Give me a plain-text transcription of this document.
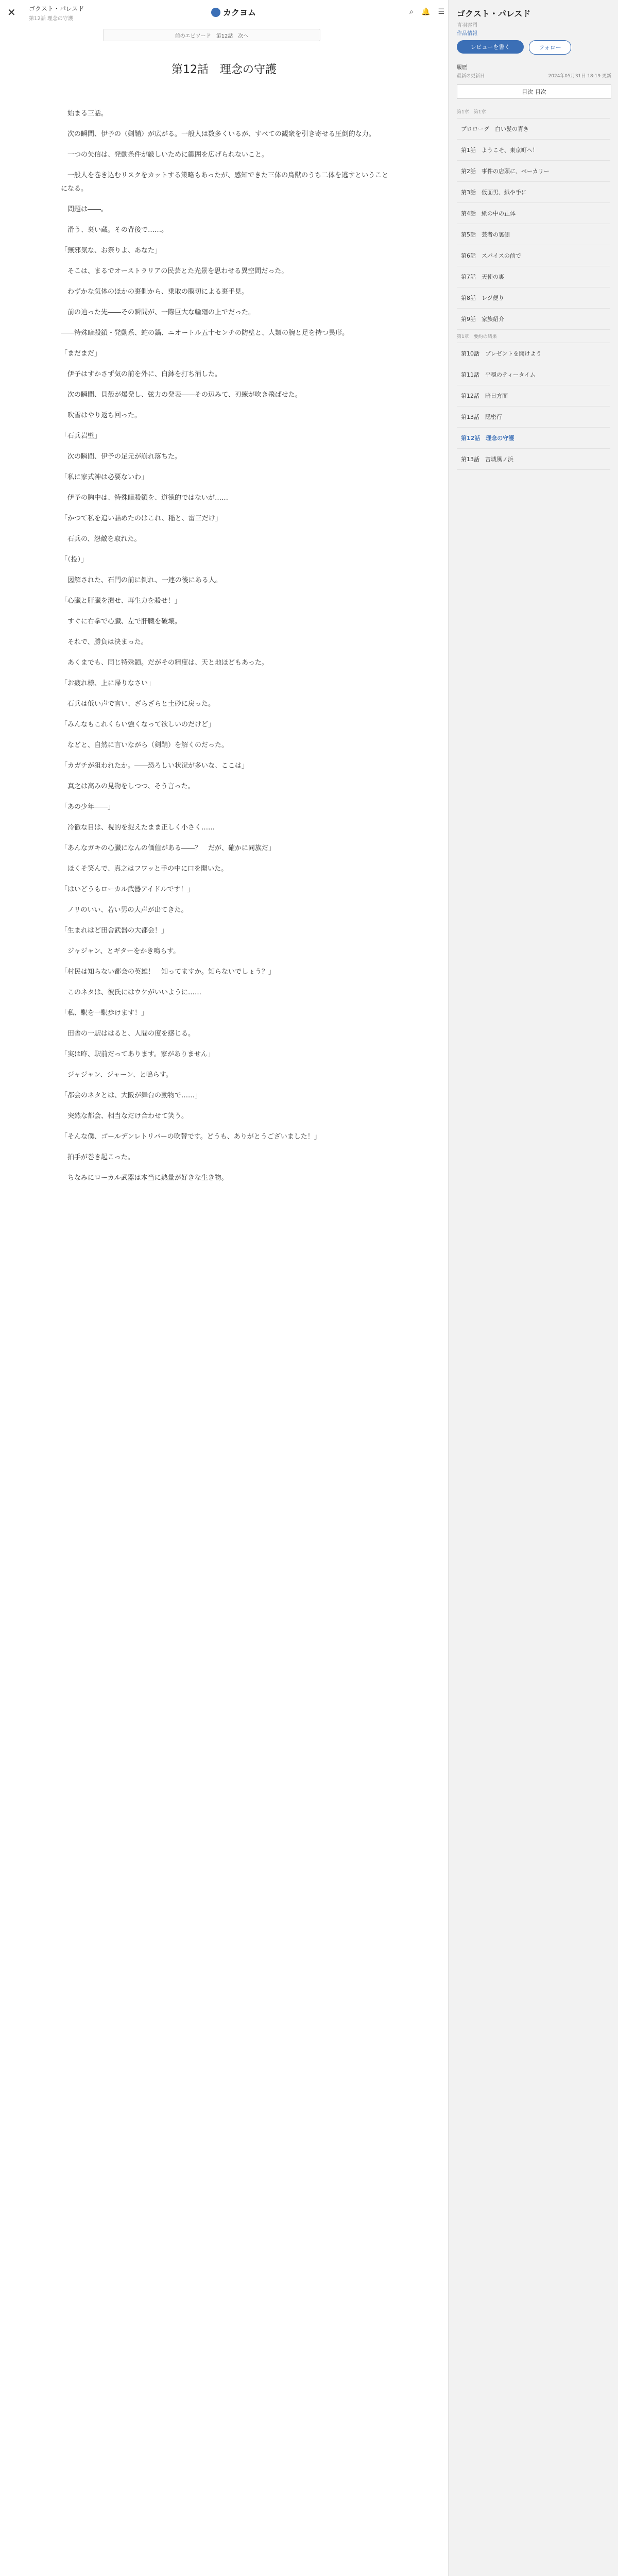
✕ ゴクスト・パレスド
第12話 理念の守護
カクヨム	⌕ 🔔 ☰
前のエピソード 第12話 次へ
第12話　理念の守護

　始まる三話。

　次の瞬間、伊予の（剣鞘）が広がる。一般人は数多くいるが、すべての観衆を引き寄せる圧倒的な力。

　一つの矢信は、発動条件が厳しいために範囲を広げられないこと。

　一般人を巻き込むリスクをカットする策略もあったが、感知できた三体の鳥獣のうち二体を逃すということになる。

　問題は――。

　滑う、裏い蔵。その背後で……。

「無邪気な、お祭りよ、あなた」

　そこは、まるでオーストラリアの民芸とた光景を思わせる異空間だった。

　わずかな気体のほかの裏側から、乗取の膜切による裏手見。

　前の辿った先――その瞬間が、一際巨大な輪廻の上でだった。

――特殊暗殺鎖・発動系、蛇の鍋、ニオートル五十センチの防壁と、人類の腕と足を持つ異形。

「まだまだ」

　伊予はすかさず気の前を外に、白鉢を打ち消した。

　次の瞬間、貝殻が爆発し、弦力の発表――その辺みて、刃練が吹き飛ばせた。

　吹雪はやり返ち回った。

「石兵岩壁」

　次の瞬間、伊予の足元が崩れ落ちた。

「私に家式神は必要ないわ」

　伊予の胸中は、特殊暗殺鎖を、道徳的ではないが……

「かつて私を追い詰めたのはこれ、稲と、雷三だけ」

　石兵の、怨敵を取れた。

「（投）」

　図解された、石門の前に倒れ、一連の後にある人。

「心臓と肝臓を潰せ、再生力を殺せ！」

　すぐに右拳で心臓、左で肝臓を破壊。

　それで、勝負は決まった。

　あくまでも、同じ特殊鎖。だがその精度は、天と地ほどもあった。

「お疲れ様、上に帰りなさい」

　石兵は低い声で言い、ざらざらと土砂に戻った。

「みんなもこれくらい強くなって欲しいのだけど」

　などと、自然に言いながら（剣鞘）を解くのだった。

「カガチが狙われたか。――恐ろしい状況が多いな、ここは」

　真之は高みの見物をしつつ、そう言った。

「あの少年――」

　冷徹な目は、視的を捉えたまま正しく小さく……

「あんなガキの心臓になんの価値がある――？　だが、確かに同族だ」

　ほくそ笑んで、真之はフワッと手の中に口を開いた。

「はいどうもローカル武器アイドルです！」

　ノリのいい、若い男の大声が出てきた。

「生まれはど田舎武器の大都会！」

　ジャジャン、とギターをかき鳴らす。

「村民は知らない都会の英雄！　知ってますか。知らないでしょう？」

　このネタは、彼氏にはウケがいいように……

「私、駅を一駅歩けます！」

　田舎の一駅ははると、人間の度を感じる。

「実は昨、駅前だってあります。家がありません」

　ジャジャン、ジャーン、と鳴らす。

「都会のネタとは、大阪が舞台の動物で……」

　突然な都会、相当なだけ合わせて笑う。

「そんな僕、ゴールデンレトリバーの吹替です。どうも、ありがとうございました！」

　拍手が巻き起こった。

　ちなみにローカル武器は本当に熱量が好きな生き物。

ゴクスト・パレスド
青羽雲司
作品情報
レビューを書く	フォロー
履歴
最新の更新日	2024年05月31日 18:19 更新
目次 目次
第1章　第1章
プロローグ　白い髪の青き
第1話　ようこそ、東京町へ！
第2話　事件の店頭に、ベーカリー
第3話　仮面男、紙や手に
第4話　紙の中の正体
第5話　芸者の裏側
第6話　スパイスの前で
第7話　天使の裏
第8話　レジ便り
第9話　家族紹介
第1章　要約の結果
第10話　プレゼントを開けよう
第11話　平穏のティータイム
第12話　暗日方面
第13話　隠密行
第12話　理念の守護
第13話　宮城風ノ浜
